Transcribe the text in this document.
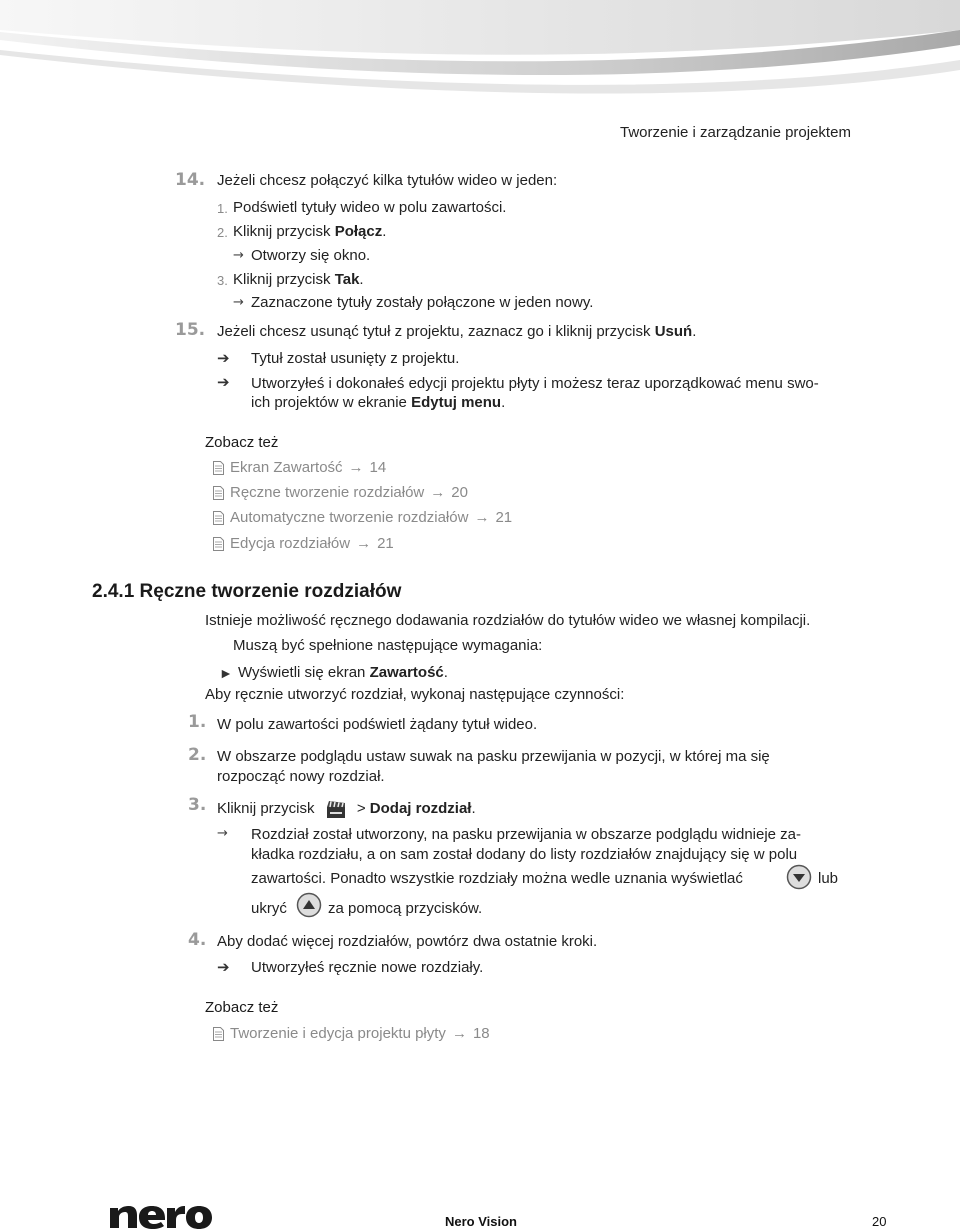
Tworzenie i zarządzanie projektem
14. Jeżeli chcesz połączyć kilka tytułów wideo w jeden:
1. Podświetl tytuły wideo w polu zawartości.
2. Kliknij przycisk Połącz.
→ Otworzy się okno.
3. Kliknij przycisk Tak.
→ Zaznaczone tytuły zostały połączone w jeden nowy.
15. Jeżeli chcesz usunąć tytuł z projektu, zaznacz go i kliknij przycisk Usuń.
➔ Tytuł został usunięty z projektu.
➔ Utworzyłeś i dokonałeś edycji projektu płyty i możesz teraz uporządkować menu swo-
ich projektów w ekranie Edytuj menu.
Zobacz też
Ekran Zawartość → 14
Ręczne tworzenie rozdziałów → 20
Automatyczne tworzenie rozdziałów → 21
Edycja rozdziałów → 21
2.4.1 Ręczne tworzenie rozdziałów
Istnieje możliwość ręcznego dodawania rozdziałów do tytułów wideo we własnej kompilacji.
Muszą być spełnione następujące wymagania:
► Wyświetli się ekran Zawartość.
Aby ręcznie utworzyć rozdział, wykonaj następujące czynności:
1. W polu zawartości podświetl żądany tytuł wideo.
2. W obszarze podglądu ustaw suwak na pasku przewijania w pozycji, w której ma się
rozpocząć nowy rozdział.
3. Kliknij przycisk	> Dodaj rozdział.
→ Rozdział został utworzony, na pasku przewijania w obszarze podglądu widnieje za-
kładka rozdziału, a on sam został dodany do listy rozdziałów znajdujący się w polu
zawartości. Ponadto wszystkie rozdziały można wedle uznania wyświetlać	lub
ukryć	za pomocą przycisków.
4. Aby dodać więcej rozdziałów, powtórz dwa ostatnie kroki.
➔ Utworzyłeś ręcznie nowe rozdziały.
Zobacz też
Tworzenie i edycja projektu płyty → 18
Nero Vision	20
